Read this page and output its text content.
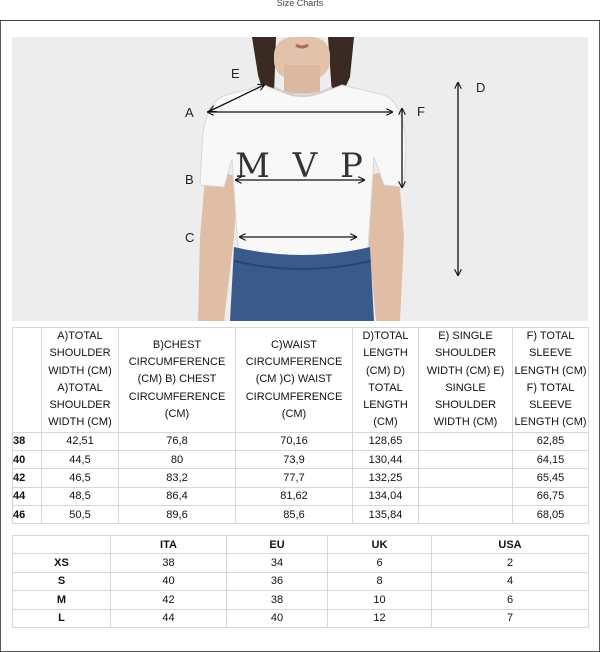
Size Charts
M V P
E
A
B
C
F
D
	A)TOTAL SHOULDER WIDTH (CM) A)TOTAL SHOULDER WIDTH (CM)	B)CHEST CIRCUMFERENCE (CM) B) CHEST CIRCUMFERENCE (CM)	C)WAIST CIRCUMFERENCE (CM )C) WAIST CIRCUMFERENCE (CM)	D)TOTAL LENGTH (CM) D) TOTAL LENGTH (CM)	E) SINGLE SHOULDER WIDTH (CM) E) SINGLE SHOULDER WIDTH (CM)	F) TOTAL SLEEVE LENGTH (CM) F) TOTAL SLEEVE LENGTH (CM)
38	42,51	76,8	70,16	128,65		62,85
40	44,5	80	73,9	130,44		64,15
42	46,5	83,2	77,7	132,25		65,45
44	48,5	86,4	81,62	134,04		66,75
46	50,5	89,6	85,6	135,84		68,05
	ITA	EU	UK	USA
XS	38	34	6	2
S	40	36	8	4
M	42	38	10	6
L	44	40	12	7
